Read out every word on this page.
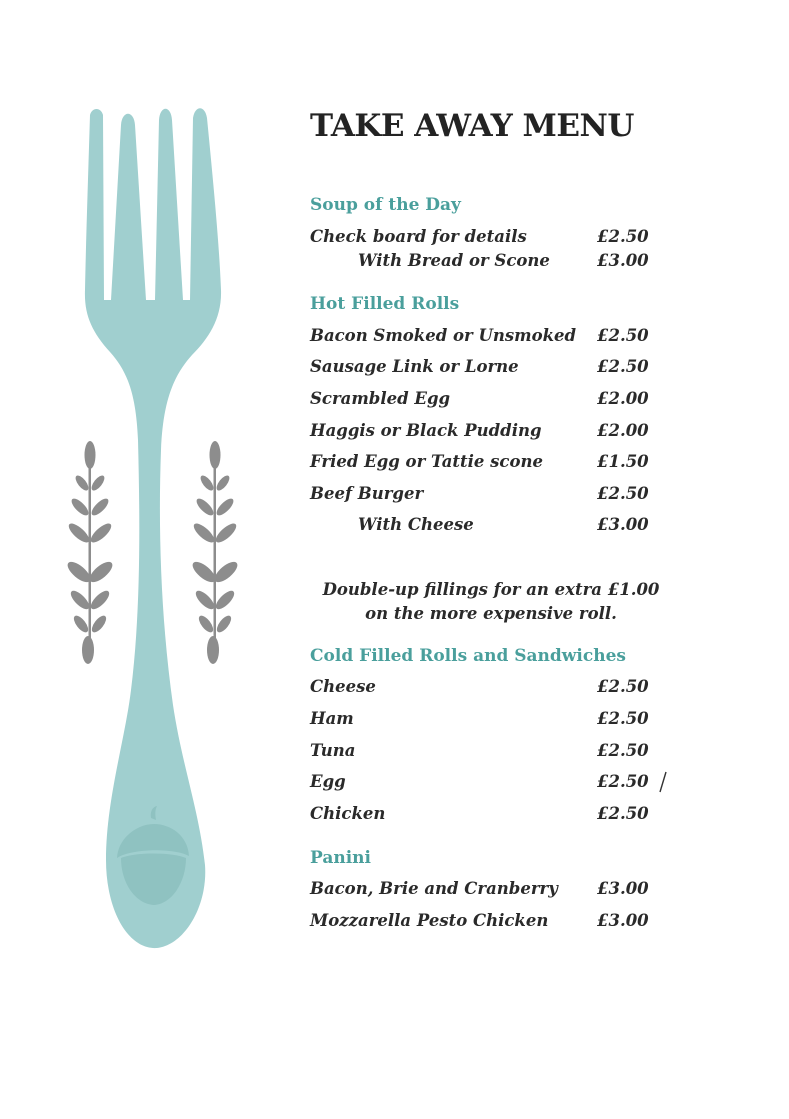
TAKE AWAY MENU
Soup of the Day
Check board for details	£2.50
With Bread or Scone	£3.00
Hot Filled Rolls
Bacon Smoked or Unsmoked £2.50
Sausage Link or Lorne	£2.50
Scrambled Egg	£2.00
Haggis or Black Pudding	£2.00
Fried Egg or Tattie scone	£1.50
Beef Burger	£2.50
With Cheese	£3.00
Double-up fillings for an extra £1.00 on the more expensive roll.
Cold Filled Rolls and Sandwiches
Cheese	£2.50
Ham	£2.50
Tuna	£2.50
Egg	£2.50
Chicken	£2.50
Panini
Bacon, Brie and Cranberry £3.00
Mozzarella Pesto Chicken	£3.00
